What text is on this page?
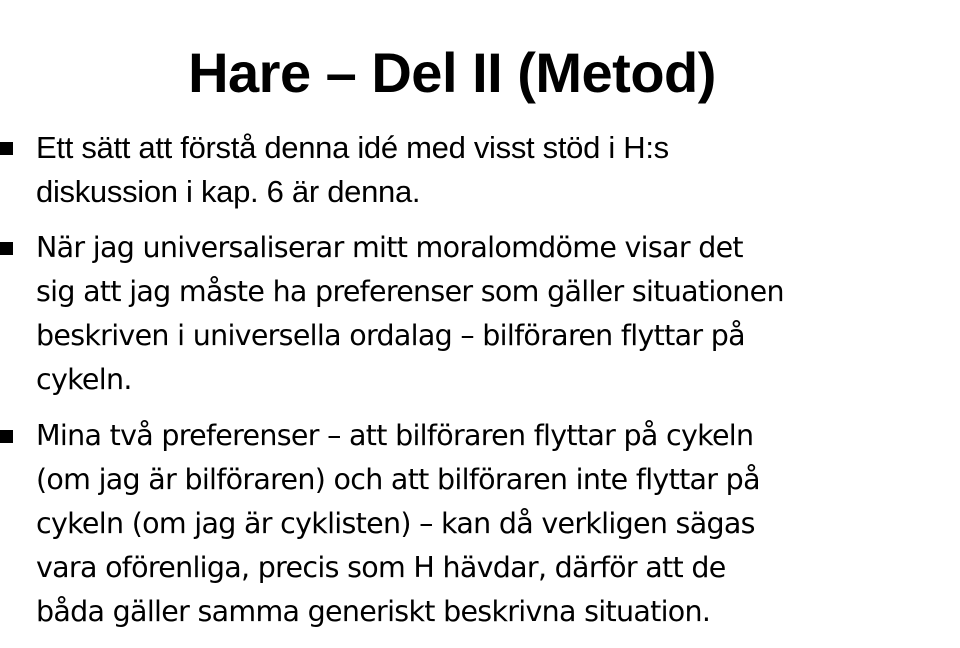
Hare – Del II (Metod)
Ett sätt att förstå denna idé med visst stöd i H:s
diskussion i kap. 6 är denna.
När jag universaliserar mitt moralomdöme visar det
sig att jag måste ha preferenser som gäller situationen
beskriven i universella ordalag – bilföraren flyttar på
cykeln.
Mina två preferenser – att bilföraren flyttar på cykeln
(om jag är bilföraren) och att bilföraren inte flyttar på
cykeln (om jag är cyklisten) – kan då verkligen sägas
vara oförenliga, precis som H hävdar, därför att de
båda gäller samma generiskt beskrivna situation.
